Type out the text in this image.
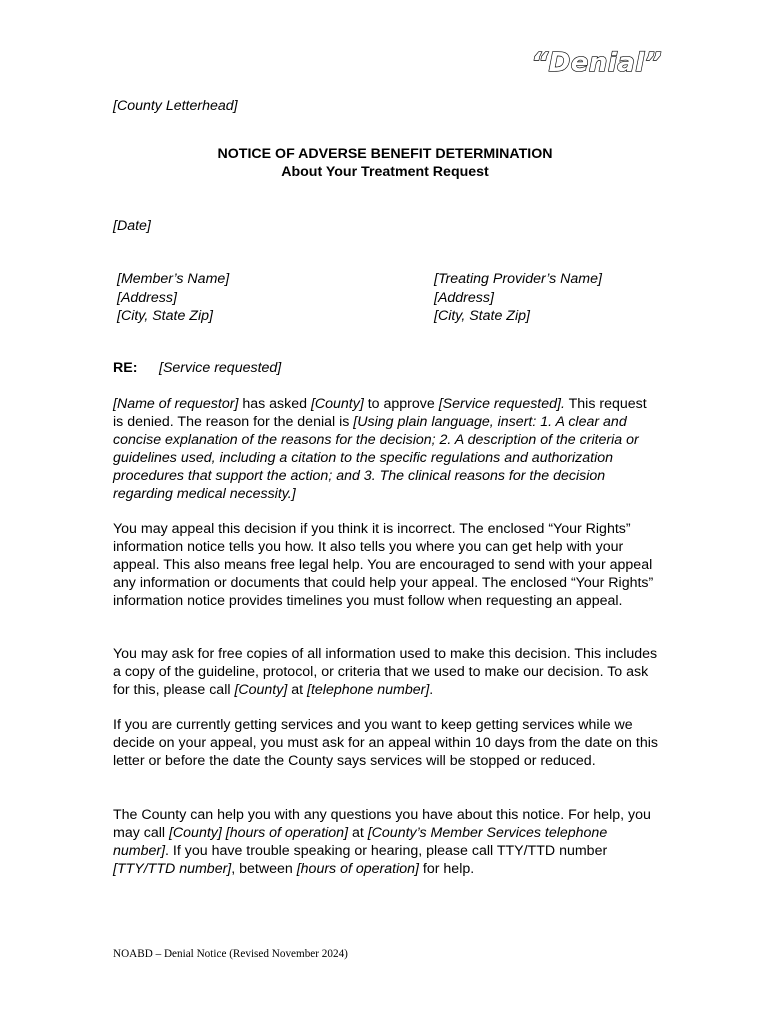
“Denial”
[County Letterhead]
NOTICE OF ADVERSE BENEFIT DETERMINATION
About Your Treatment Request
[Date]
[Member’s Name]
[Address]
[City, State Zip]
[Treating Provider’s Name]
[Address]
[City, State Zip]
RE: [Service requested]

[Name of requestor] has asked [County] to approve [Service requested]. This request is denied. The reason for the denial is [Using plain language, insert: 1. A clear and concise explanation of the reasons for the decision; 2. A description of the criteria or guidelines used, including a citation to the specific regulations and authorization procedures that support the action; and 3. The clinical reasons for the decision regarding medical necessity.]

You may appeal this decision if you think it is incorrect. The enclosed “Your Rights” information notice tells you how. It also tells you where you can get help with your appeal. This also means free legal help. You are encouraged to send with your appeal any information or documents that could help your appeal. The enclosed “Your Rights” information notice provides timelines you must follow when requesting an appeal.

You may ask for free copies of all information used to make this decision. This includes a copy of the guideline, protocol, or criteria that we used to make our decision. To ask for this, please call [County] at [telephone number].

If you are currently getting services and you want to keep getting services while we decide on your appeal, you must ask for an appeal within 10 days from the date on this letter or before the date the County says services will be stopped or reduced.

The County can help you with any questions you have about this notice. For help, you may call [County] [hours of operation] at [County’s Member Services telephone number]. If you have trouble speaking or hearing, please call TTY/TTD number [TTY/TTD number], between [hours of operation] for help.

NOABD – Denial Notice (Revised November 2024)
